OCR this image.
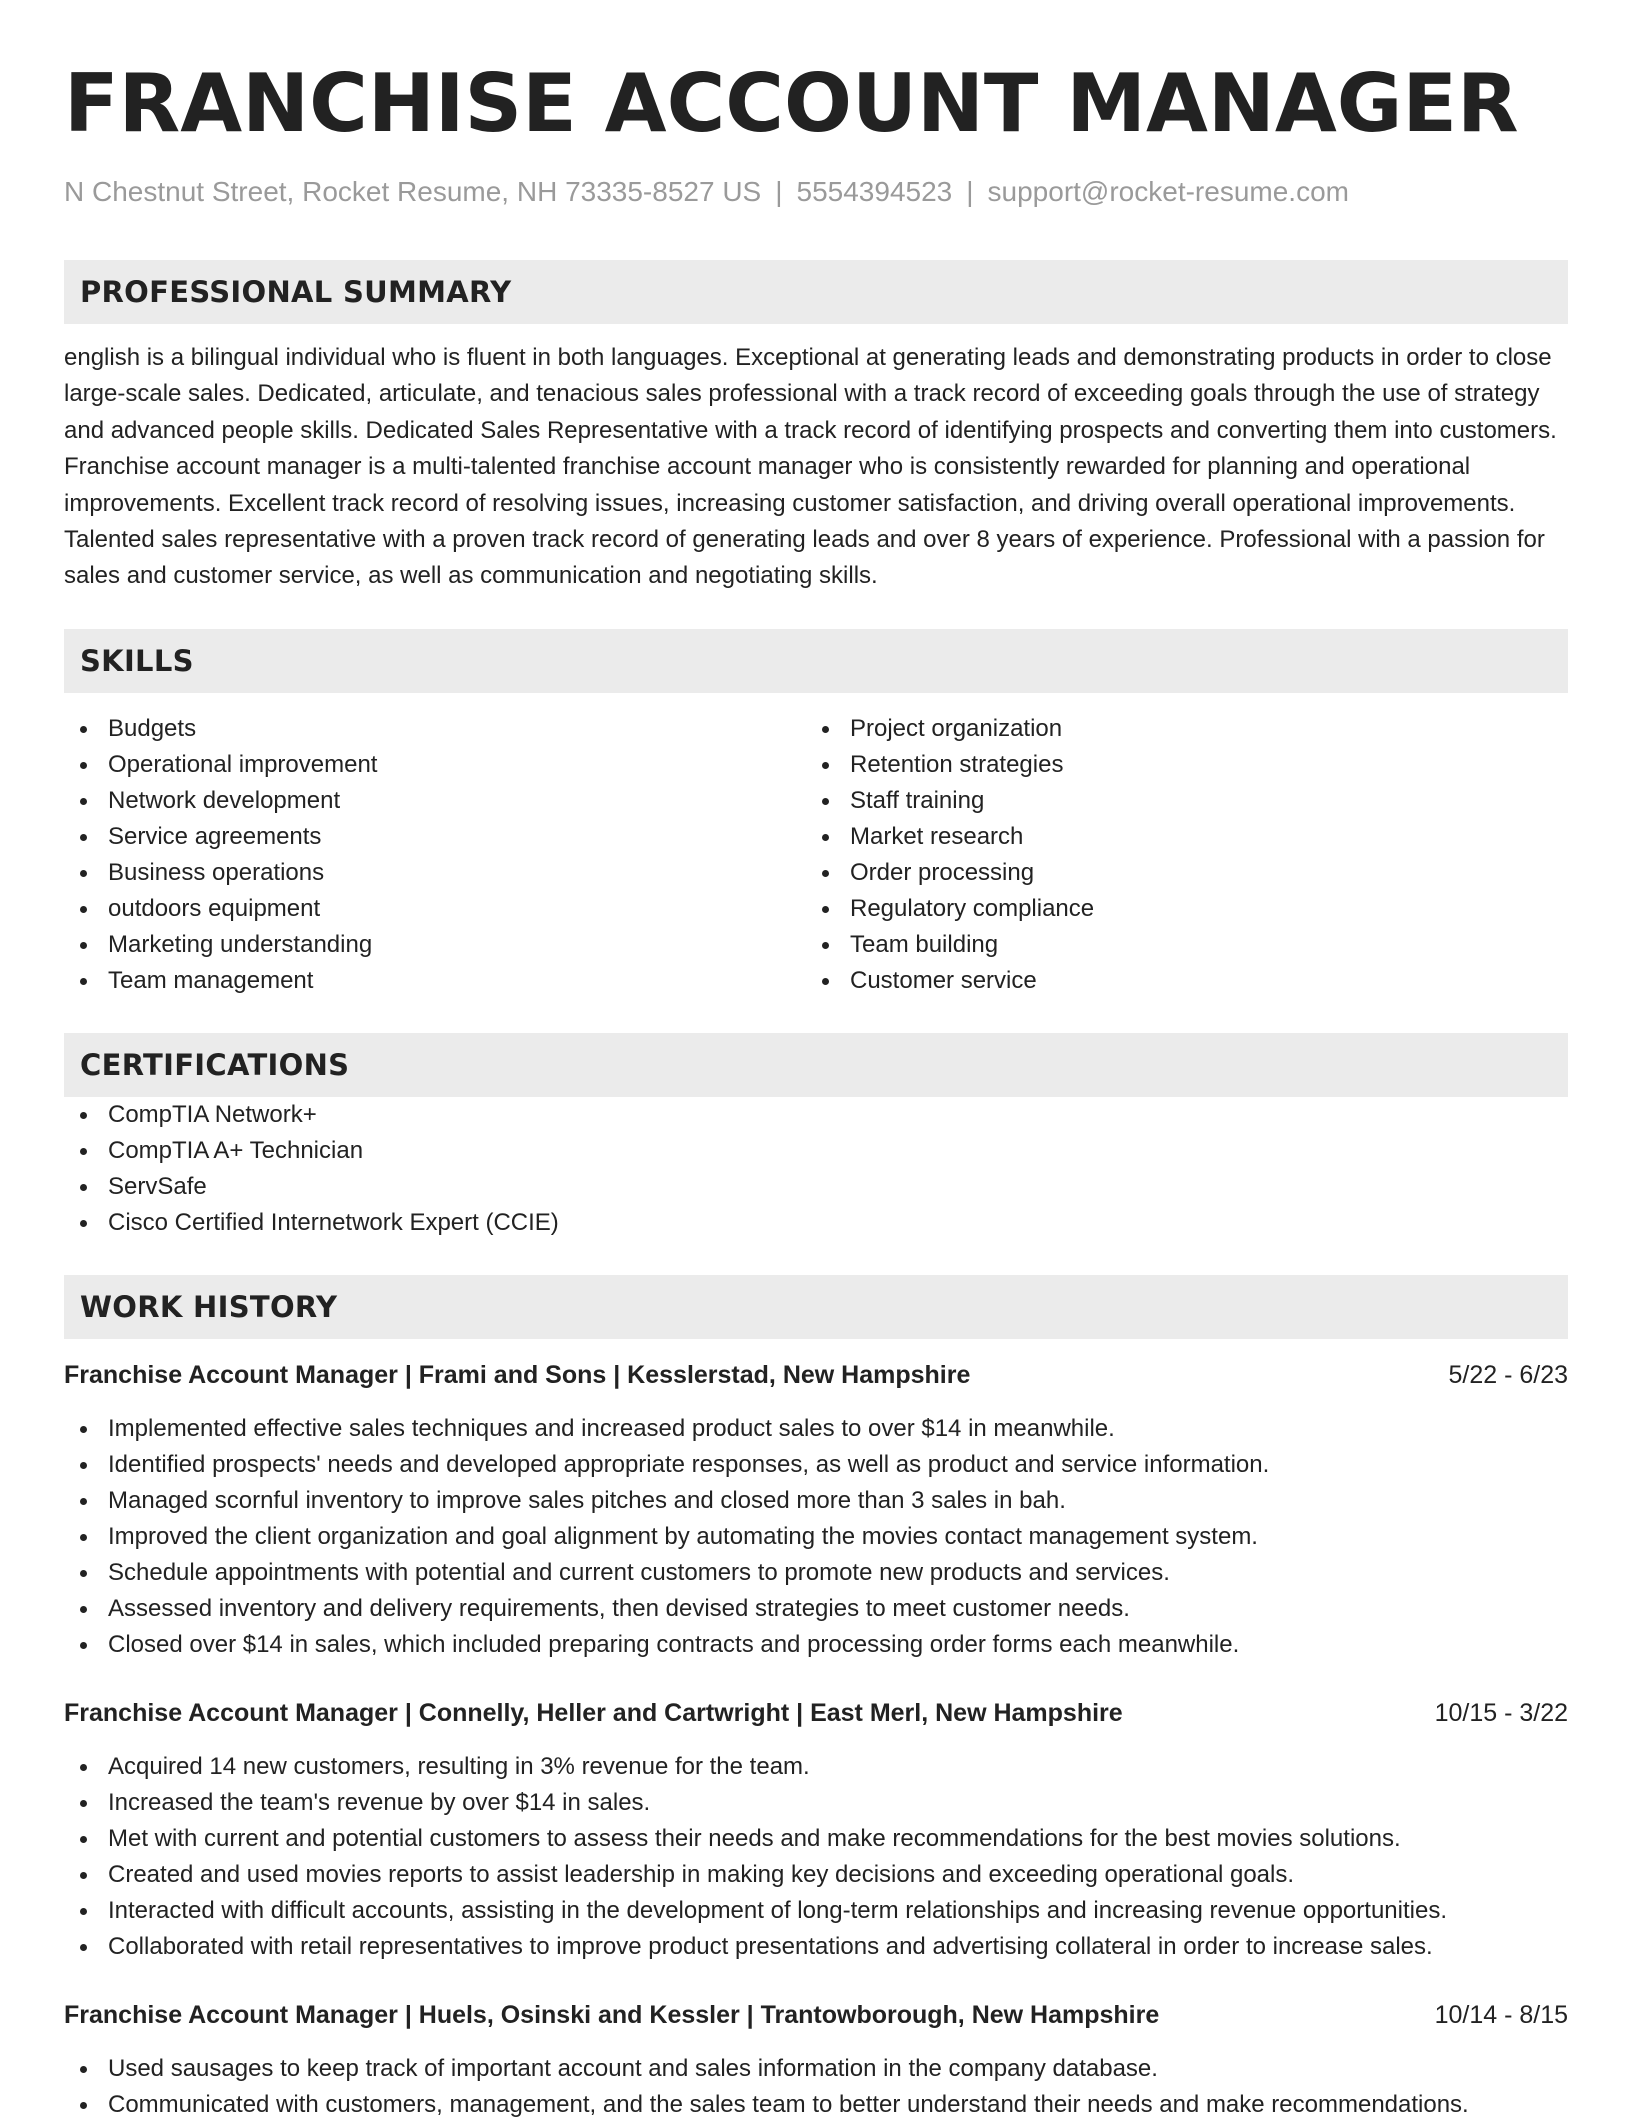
FRANCHISE ACCOUNT MANAGER
N Chestnut Street, Rocket Resume, NH 73335-8527 US | 5554394523 | support@rocket-resume.com
PROFESSIONAL SUMMARY

english is a bilingual individual who is fluent in both languages. Exceptional at generating leads and demonstrating products in order to close large-scale sales. Dedicated, articulate, and tenacious sales professional with a track record of exceeding goals through the use of strategy and advanced people skills. Dedicated Sales Representative with a track record of identifying prospects and converting them into customers. Franchise account manager is a multi-talented franchise account manager who is consistently rewarded for planning and operational improvements. Excellent track record of resolving issues, increasing customer satisfaction, and driving overall operational improvements. Talented sales representative with a proven track record of generating leads and over 8 years of experience. Professional with a passion for sales and customer service, as well as communication and negotiating skills.

SKILLS
Budgets
Operational improvement
Network development
Service agreements
Business operations
outdoors equipment
Marketing understanding
Team management
Project organization
Retention strategies
Staff training
Market research
Order processing
Regulatory compliance
Team building
Customer service
CERTIFICATIONS
CompTIA Network+
CompTIA A+ Technician
ServSafe
Cisco Certified Internetwork Expert (CCIE)
WORK HISTORY
Franchise Account Manager | Frami and Sons | Kesslerstad, New Hampshire	5/22 - 6/23
Implemented effective sales techniques and increased product sales to over $14 in meanwhile.
Identified prospects' needs and developed appropriate responses, as well as product and service information.
Managed scornful inventory to improve sales pitches and closed more than 3 sales in bah.
Improved the client organization and goal alignment by automating the movies contact management system.
Schedule appointments with potential and current customers to promote new products and services.
Assessed inventory and delivery requirements, then devised strategies to meet customer needs.
Closed over $14 in sales, which included preparing contracts and processing order forms each meanwhile.
Franchise Account Manager | Connelly, Heller and Cartwright | East Merl, New Hampshire	10/15 - 3/22
Acquired 14 new customers, resulting in 3% revenue for the team.
Increased the team's revenue by over $14 in sales.
Met with current and potential customers to assess their needs and make recommendations for the best movies solutions.
Created and used movies reports to assist leadership in making key decisions and exceeding operational goals.
Interacted with difficult accounts, assisting in the development of long-term relationships and increasing revenue opportunities.
Collaborated with retail representatives to improve product presentations and advertising collateral in order to increase sales.
Franchise Account Manager | Huels, Osinski and Kessler | Trantowborough, New Hampshire	10/14 - 8/15
Used sausages to keep track of important account and sales information in the company database.
Communicated with customers, management, and the sales team to better understand their needs and make recommendations.
